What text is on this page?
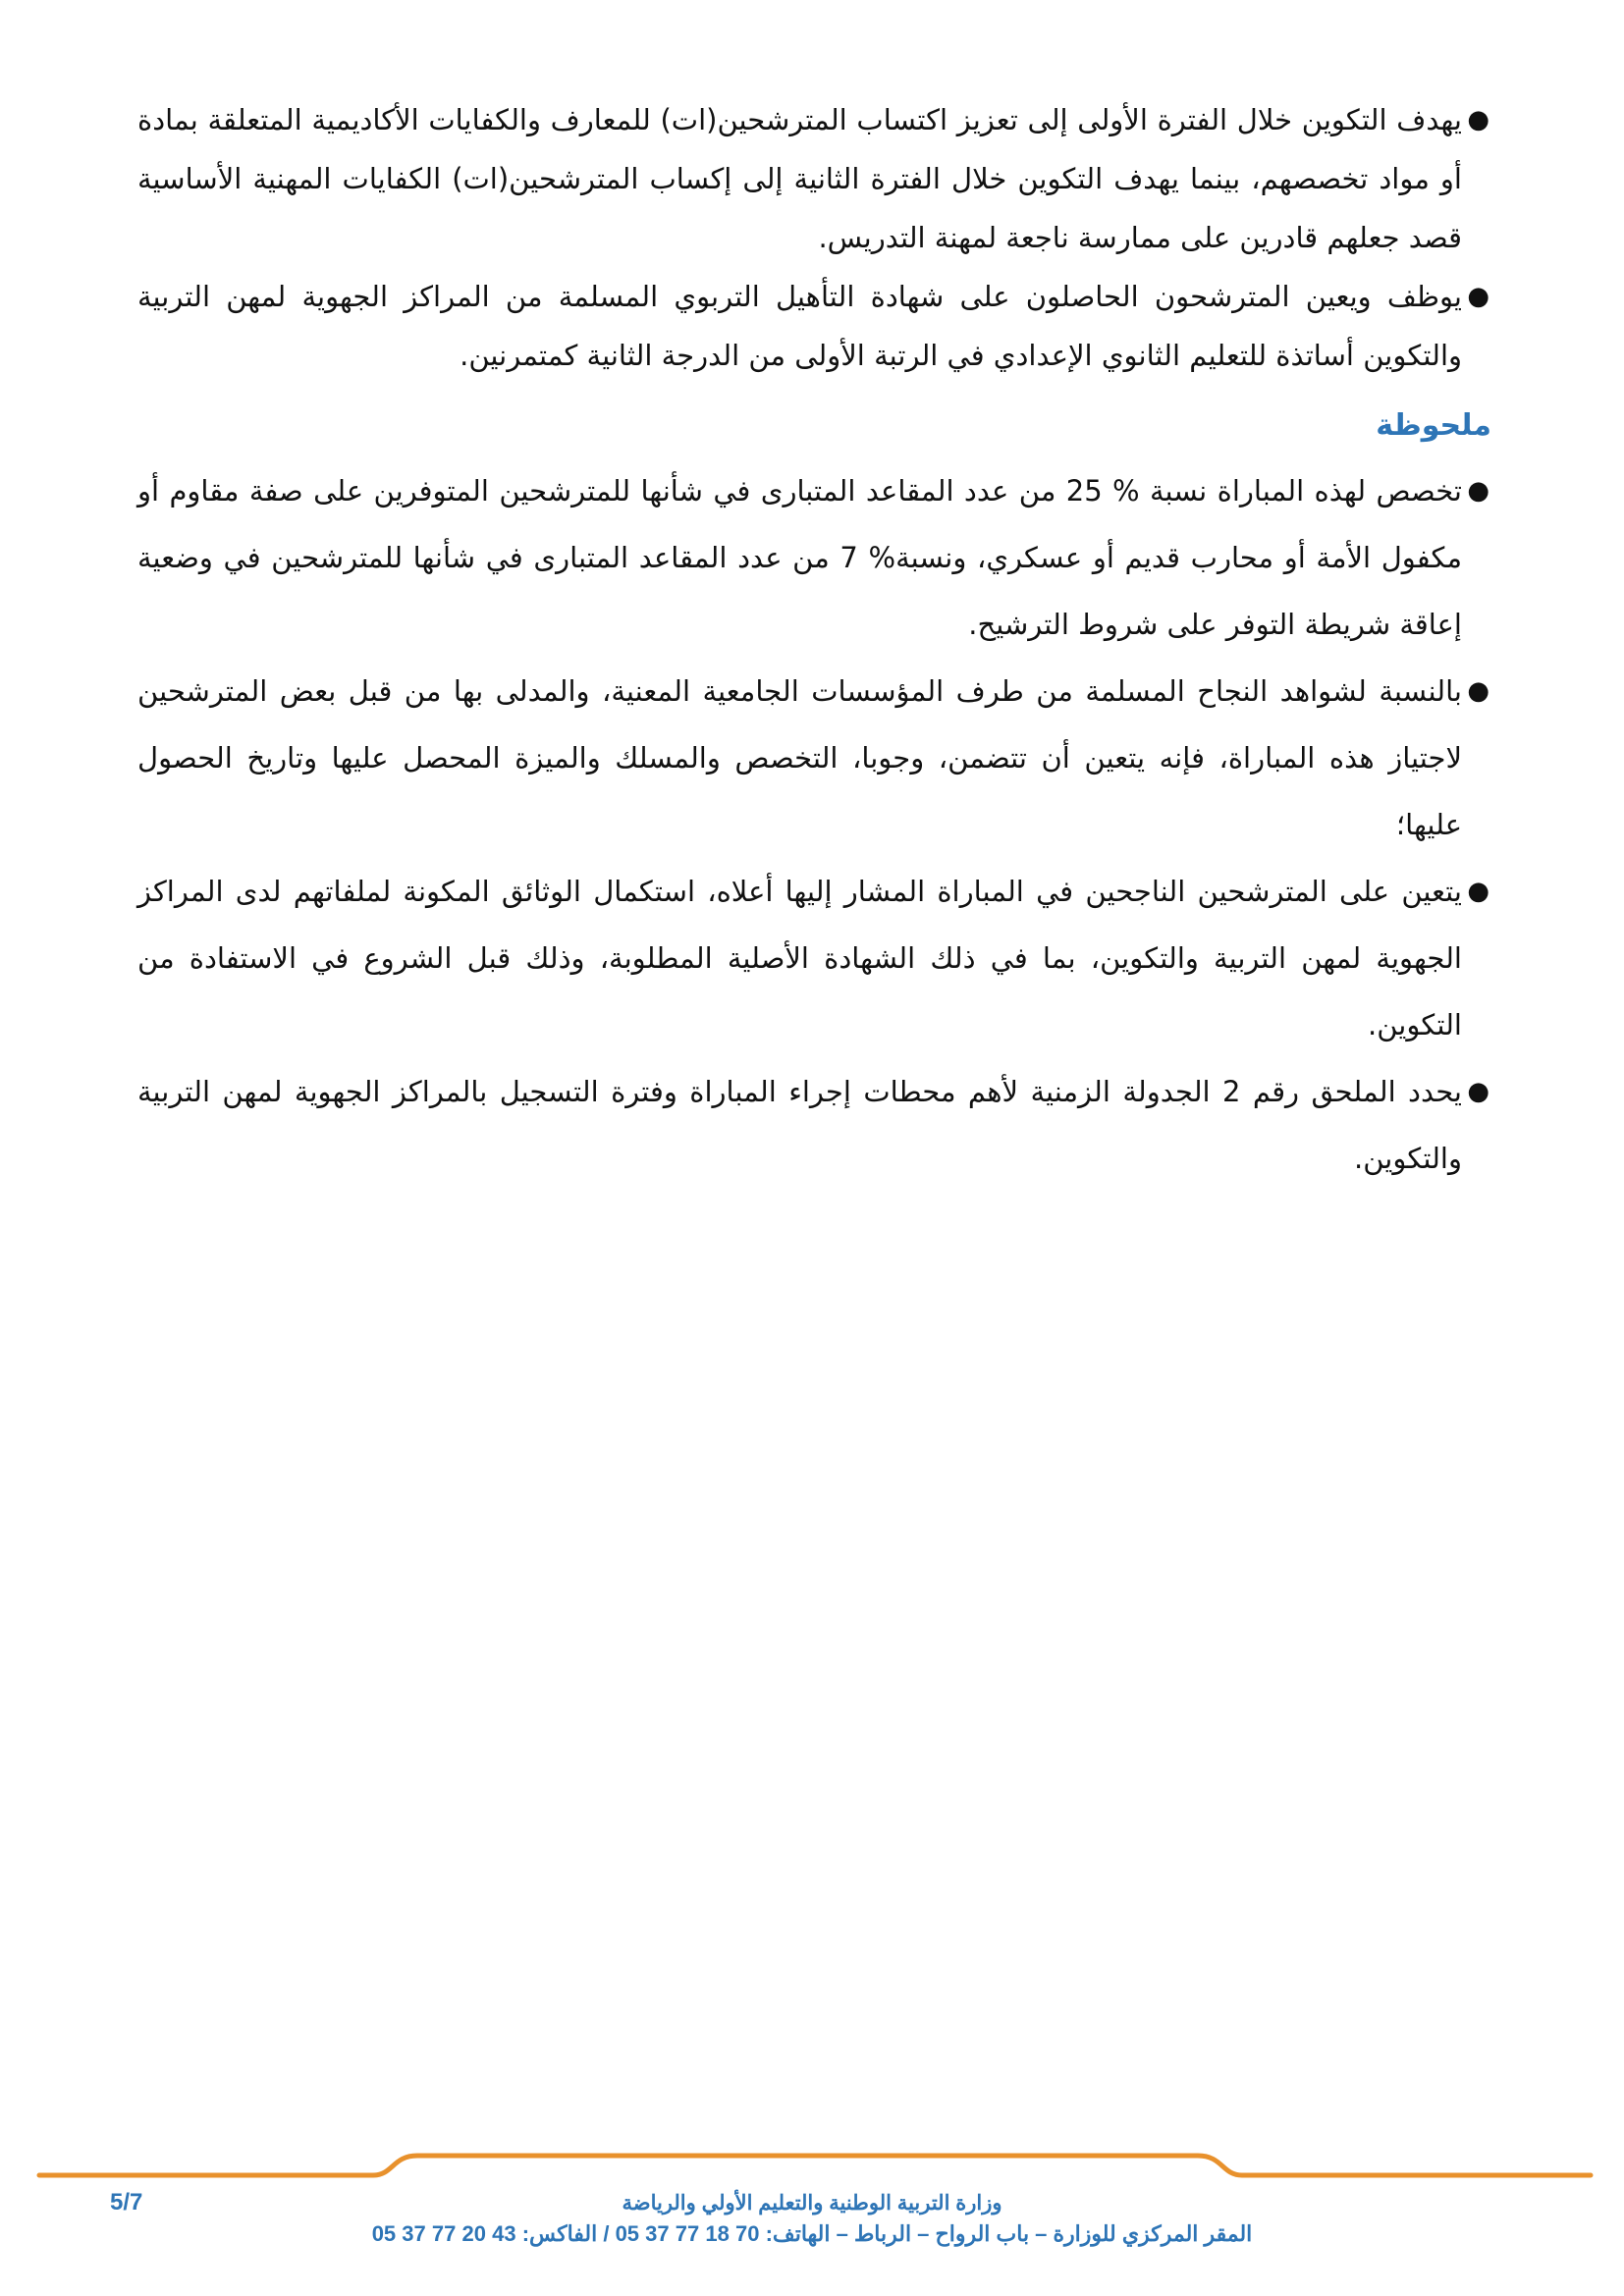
●
يهدف التكوين خلال الفترة الأولى إلى تعزيز اكتساب المترشحين(ات) للمعارف والكفايات الأكاديمية المتعلقة بمادة أو مواد تخصصهم، بينما يهدف التكوين خلال الفترة الثانية إلى إكساب المترشحين(ات) الكفايات المهنية الأساسية قصد جعلهم قادرين على ممارسة ناجعة لمهنة التدريس.
●
يوظف ويعين المترشحون الحاصلون على شهادة التأهيل التربوي المسلمة من المراكز الجهوية لمهن التربية والتكوين أساتذة للتعليم الثانوي الإعدادي في الرتبة الأولى من الدرجة الثانية كمتمرنين.
ملحوظة
●
تخصص لهذه المباراة نسبة % 25 من عدد المقاعد المتبارى في شأنها للمترشحين المتوفرين على صفة مقاوم أو مكفول الأمة أو محارب قديم أو عسكري، ونسبة% 7 من عدد المقاعد المتبارى في شأنها للمترشحين في وضعية إعاقة شريطة التوفر على شروط الترشيح.
●
بالنسبة لشواهد النجاح المسلمة من طرف المؤسسات الجامعية المعنية، والمدلى بها من قبل بعض المترشحين لاجتياز هذه المباراة، فإنه يتعين أن تتضمن، وجوبا، التخصص والمسلك والميزة المحصل عليها وتاريخ الحصول عليها؛
●
يتعين على المترشحين الناجحين في المباراة المشار إليها أعلاه، استكمال الوثائق المكونة لملفاتهم لدى المراكز الجهوية لمهن التربية والتكوين، بما في ذلك الشهادة الأصلية المطلوبة، وذلك قبل الشروع في الاستفادة من التكوين.
●
يحدد الملحق رقم 2 الجدولة الزمنية لأهم محطات إجراء المباراة وفترة التسجيل بالمراكز الجهوية لمهن التربية والتكوين.
وزارة التربية الوطنية والتعليم الأولي والرياضة
المقر المركزي للوزارة – باب الرواح – الرباط – الهاتف: 70 18 77 37 05 / الفاكس: 43 20 77 37 05
5/7
